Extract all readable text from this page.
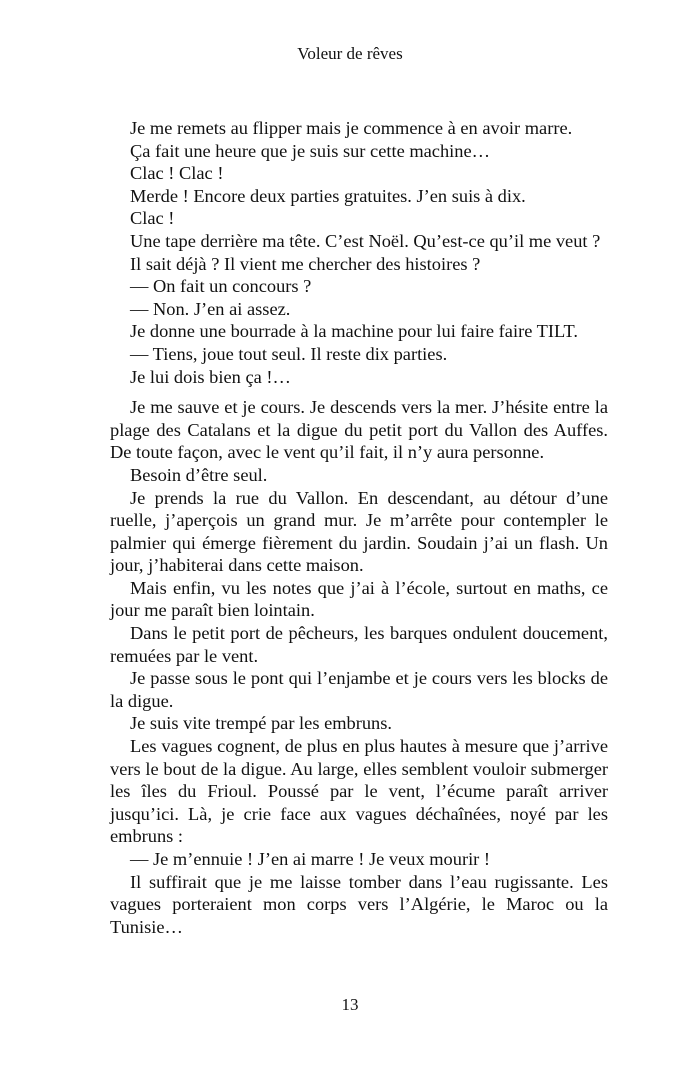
Voleur de rêves

Je me remets au flipper mais je commence à en avoir marre.

Ça fait une heure que je suis sur cette machine…

Clac ! Clac !

Merde ! Encore deux parties gratuites. J’en suis à dix.

Clac !

Une tape derrière ma tête. C’est Noël. Qu’est-ce qu’il me veut ?

Il sait déjà ? Il vient me chercher des histoires ?

— On fait un concours ?

— Non. J’en ai assez.

Je donne une bourrade à la machine pour lui faire faire TILT.

— Tiens, joue tout seul. Il reste dix parties.

Je lui dois bien ça !…

Je me sauve et je cours. Je descends vers la mer. J’hésite entre la plage des Catalans et la digue du petit port du Vallon des Auffes. De toute façon, avec le vent qu’il fait, il n’y aura personne.

Besoin d’être seul.

Je prends la rue du Vallon. En descendant, au détour d’une ruelle, j’aperçois un grand mur. Je m’arrête pour contempler le palmier qui émerge fièrement du jardin. Soudain j’ai un flash. Un jour, j’habiterai dans cette maison.

Mais enfin, vu les notes que j’ai à l’école, surtout en maths, ce jour me paraît bien lointain.

Dans le petit port de pêcheurs, les barques ondulent doucement, remuées par le vent.

Je passe sous le pont qui l’enjambe et je cours vers les blocks de la digue.

Je suis vite trempé par les embruns.

Les vagues cognent, de plus en plus hautes à mesure que j’arrive vers le bout de la digue. Au large, elles semblent vouloir submerger les îles du Frioul. Poussé par le vent, l’écume paraît arriver jusqu’ici. Là, je crie face aux vagues déchaînées, noyé par les embruns :

— Je m’ennuie ! J’en ai marre ! Je veux mourir !

Il suffirait que je me laisse tomber dans l’eau rugissante. Les vagues porteraient mon corps vers l’Algérie, le Maroc ou la Tunisie…

13
